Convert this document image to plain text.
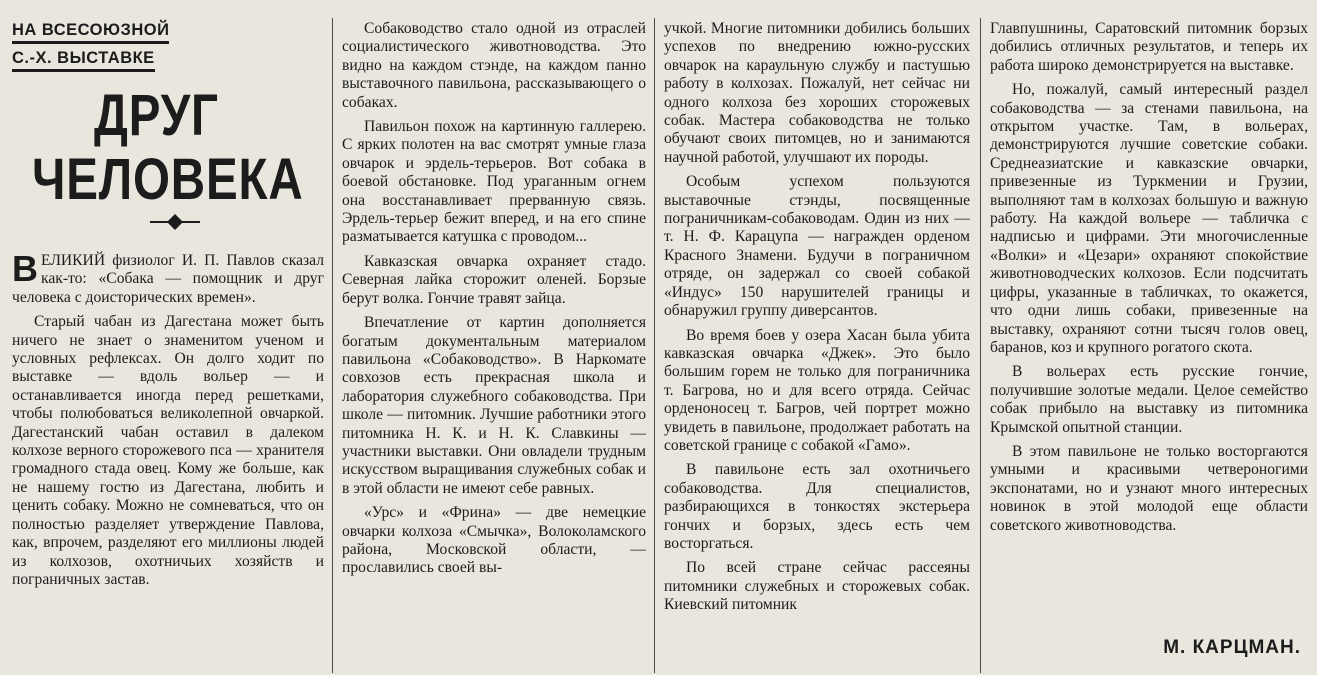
НА ВСЕСОЮЗНОЙ
С.-Х. ВЫСТАВКЕ

ДРУГ

ЧЕЛОВЕКА

В ЕЛИКИЙ физиолог И. П. Павлов сказал как-то: «Собака — помощник и друг человека с доисторических времен».

Старый чабан из Дагестана может быть ничего не знает о знаменитом ученом и условных рефлексах. Он долго ходит по выставке — вдоль вольер — и останавливается иногда перед решетками, чтобы полюбоваться великолепной овчаркой. Дагестанский чабан оставил в далеком колхозе верного сторожевого пса — хранителя громадного стада овец. Кому же больше, как не нашему гостю из Дагестана, любить и ценить собаку. Можно не сомневаться, что он полностью разделяет утверждение Павлова, как, впрочем, разделяют его миллионы людей из колхозов, охотничьих хозяйств и пограничных застав.

Собаководство стало одной из отраслей социалистического животноводства. Это видно на каждом стэнде, на каждом панно выставочного павильона, рассказывающего о собаках.

Павильон похож на картинную галлерею. С ярких полотен на вас смотрят умные глаза овчарок и эрдель-терьеров. Вот собака в боевой обстановке. Под ураганным огнем она восстанавливает прерванную связь. Эрдель-терьер бежит вперед, и на его спине разматывается катушка с проводом...

Кавказская овчарка охраняет стадо. Северная лайка сторожит оленей. Борзые берут волка. Гончие травят зайца.

Впечатление от картин дополняется богатым документальным материалом павильона «Собаководство». В Наркомате совхозов есть прекрасная школа и лаборатория служебного собаководства. При школе — питомник. Лучшие работники этого питомника Н. К. и Н. К. Славкины — участники выставки. Они овладели трудным искусством выращивания служебных собак и в этой области не имеют себе равных.

«Урс» и «Фрина» — две немецкие овчарки колхоза «Смычка», Волоколамского района, Московской области, — прославились своей вы-

учкой. Многие питомники добились больших успехов по внедрению южно-русских овчарок на караульную службу и пастушью работу в колхозах. Пожалуй, нет сейчас ни одного колхоза без хороших сторожевых собак. Мастера собаководства не только обучают своих питомцев, но и занимаются научной работой, улучшают их породы.

Особым успехом пользуются выставочные стэнды, посвященные пограничникам-собаководам. Один из них — т. Н. Ф. Карацупа — награжден орденом Красного Знамени. Будучи в пограничном отряде, он задержал со своей собакой «Индус» 150 нарушителей границы и обнаружил группу диверсантов.

Во время боев у озера Хасан была убита кавказская овчарка «Джек». Это было большим горем не только для пограничника т. Багрова, но и для всего отряда. Сейчас орденоносец т. Багров, чей портрет можно увидеть в павильоне, продолжает работать на советской границе с собакой «Гамо».

В павильоне есть зал охотничьего собаководства. Для специалистов, разбирающихся в тонкостях экстерьера гончих и борзых, здесь есть чем восторгаться.

По всей стране сейчас рассеяны питомники служебных и сторожевых собак. Киевский питомник

Главпушнины, Саратовский питомник борзых добились отличных результатов, и теперь их работа широко демонстрируется на выставке.

Но, пожалуй, самый интересный раздел собаководства — за стенами павильона, на открытом участке. Там, в вольерах, демонстрируются лучшие советские собаки. Среднеазиатские и кавказские овчарки, привезенные из Туркмении и Грузии, выполняют там в колхозах большую и важную работу. На каждой вольере — табличка с надписью и цифрами. Эти многочисленные «Волки» и «Цезари» охраняют спокойствие животноводческих колхозов. Если подсчитать цифры, указанные в табличках, то окажется, что одни лишь собаки, привезенные на выставку, охраняют сотни тысяч голов овец, баранов, коз и крупного рогатого скота.

В вольерах есть русские гончие, получившие золотые медали. Целое семейство собак прибыло на выставку из питомника Крымской опытной станции.

В этом павильоне не только восторгаются умными и красивыми четвероногими экспонатами, но и узнают много интересных новинок в этой молодой еще области советского животноводства.

М. КАРЦМАН.
